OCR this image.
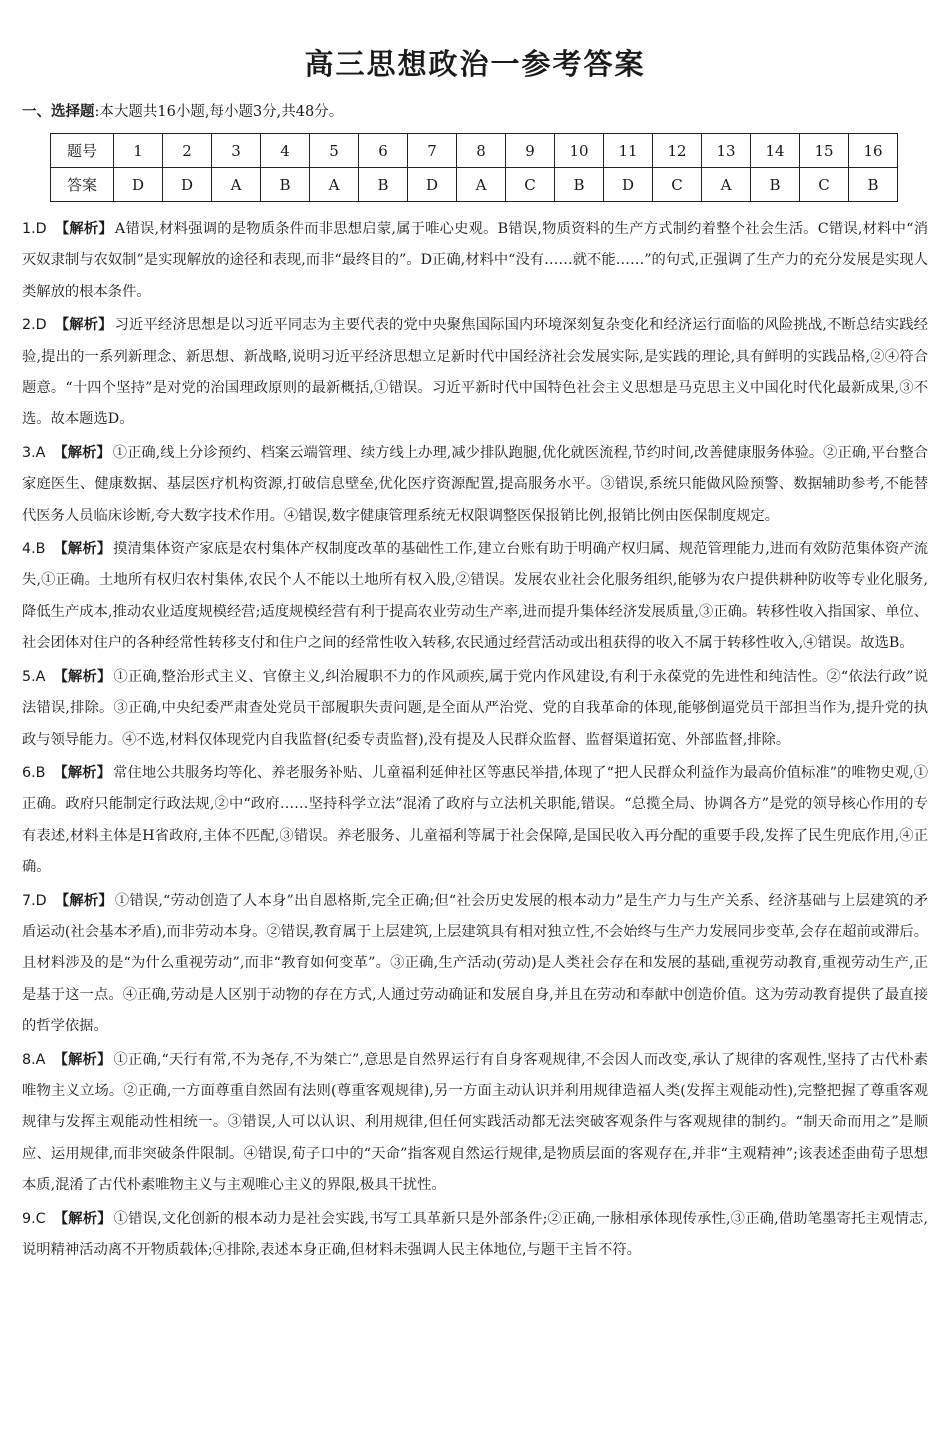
高三思想政治一参考答案
一、选择题:本大题共16小题,每小题3分,共48分。
题号	1	2	3	4	5	6	7	8	9	10	11	12	13	14	15	16
答案	D	D	A	B	A	B	D	A	C	B	D	C	A	B	C	B
1.D 【解析】 A错误,材料强调的是物质条件而非思想启蒙,属于唯心史观。B错误,物质资料的生产方式制约着整个社会生活。C错误,材料中“消灭奴隶制与农奴制”是实现解放的途径和表现,而非“最终目的”。D正确,材料中“没有……就不能……”的句式,正强调了生产力的充分发展是实现人类解放的根本条件。
2.D 【解析】 习近平经济思想是以习近平同志为主要代表的党中央聚焦国际国内环境深刻复杂变化和经济运行面临的风险挑战,不断总结实践经验,提出的一系列新理念、新思想、新战略,说明习近平经济思想立足新时代中国经济社会发展实际,是实践的理论,具有鲜明的实践品格,②④符合题意。“十四个坚持”是对党的治国理政原则的最新概括,①错误。习近平新时代中国特色社会主义思想是马克思主义中国化时代化最新成果,③不选。故本题选D。
3.A 【解析】 ①正确,线上分诊预约、档案云端管理、续方线上办理,减少排队跑腿,优化就医流程,节约时间,改善健康服务体验。②正确,平台整合家庭医生、健康数据、基层医疗机构资源,打破信息壁垒,优化医疗资源配置,提高服务水平。③错误,系统只能做风险预警、数据辅助参考,不能替代医务人员临床诊断,夸大数字技术作用。④错误,数字健康管理系统无权限调整医保报销比例,报销比例由医保制度规定。
4.B 【解析】 摸清集体资产家底是农村集体产权制度改革的基础性工作,建立台账有助于明确产权归属、规范管理能力,进而有效防范集体资产流失,①正确。土地所有权归农村集体,农民个人不能以土地所有权入股,②错误。发展农业社会化服务组织,能够为农户提供耕种防收等专业化服务,降低生产成本,推动农业适度规模经营;适度规模经营有利于提高农业劳动生产率,进而提升集体经济发展质量,③正确。转移性收入指国家、单位、社会团体对住户的各种经常性转移支付和住户之间的经常性收入转移,农民通过经营活动或出租获得的收入不属于转移性收入,④错误。故选B。
5.A 【解析】 ①正确,整治形式主义、官僚主义,纠治履职不力的作风顽疾,属于党内作风建设,有利于永葆党的先进性和纯洁性。②“依法行政”说法错误,排除。③正确,中央纪委严肃查处党员干部履职失责问题,是全面从严治党、党的自我革命的体现,能够倒逼党员干部担当作为,提升党的执政与领导能力。④不选,材料仅体现党内自我监督(纪委专责监督),没有提及人民群众监督、监督渠道拓宽、外部监督,排除。
6.B 【解析】 常住地公共服务均等化、养老服务补贴、儿童福利延伸社区等惠民举措,体现了“把人民群众利益作为最高价值标准”的唯物史观,①正确。政府只能制定行政法规,②中“政府……坚持科学立法”混淆了政府与立法机关职能,错误。“总揽全局、协调各方”是党的领导核心作用的专有表述,材料主体是H省政府,主体不匹配,③错误。养老服务、儿童福利等属于社会保障,是国民收入再分配的重要手段,发挥了民生兜底作用,④正确。
7.D 【解析】 ①错误,“劳动创造了人本身”出自恩格斯,完全正确;但“社会历史发展的根本动力”是生产力与生产关系、经济基础与上层建筑的矛盾运动(社会基本矛盾),而非劳动本身。②错误,教育属于上层建筑,上层建筑具有相对独立性,不会始终与生产力发展同步变革,会存在超前或滞后。且材料涉及的是“为什么重视劳动”,而非“教育如何变革”。③正确,生产活动(劳动)是人类社会存在和发展的基础,重视劳动教育,重视劳动生产,正是基于这一点。④正确,劳动是人区别于动物的存在方式,人通过劳动确证和发展自身,并且在劳动和奉献中创造价值。这为劳动教育提供了最直接的哲学依据。
8.A 【解析】 ①正确,“天行有常,不为尧存,不为桀亡”,意思是自然界运行有自身客观规律,不会因人而改变,承认了规律的客观性,坚持了古代朴素唯物主义立场。②正确,一方面尊重自然固有法则(尊重客观规律),另一方面主动认识并利用规律造福人类(发挥主观能动性),完整把握了尊重客观规律与发挥主观能动性相统一。③错误,人可以认识、利用规律,但任何实践活动都无法突破客观条件与客观规律的制约。“制天命而用之”是顺应、运用规律,而非突破条件限制。④错误,荀子口中的“天命”指客观自然运行规律,是物质层面的客观存在,并非“主观精神”;该表述歪曲荀子思想本质,混淆了古代朴素唯物主义与主观唯心主义的界限,极具干扰性。
9.C 【解析】 ①错误,文化创新的根本动力是社会实践,书写工具革新只是外部条件;②正确,一脉相承体现传承性,③正确,借助笔墨寄托主观情志,说明精神活动离不开物质载体;④排除,表述本身正确,但材料未强调人民主体地位,与题干主旨不符。
